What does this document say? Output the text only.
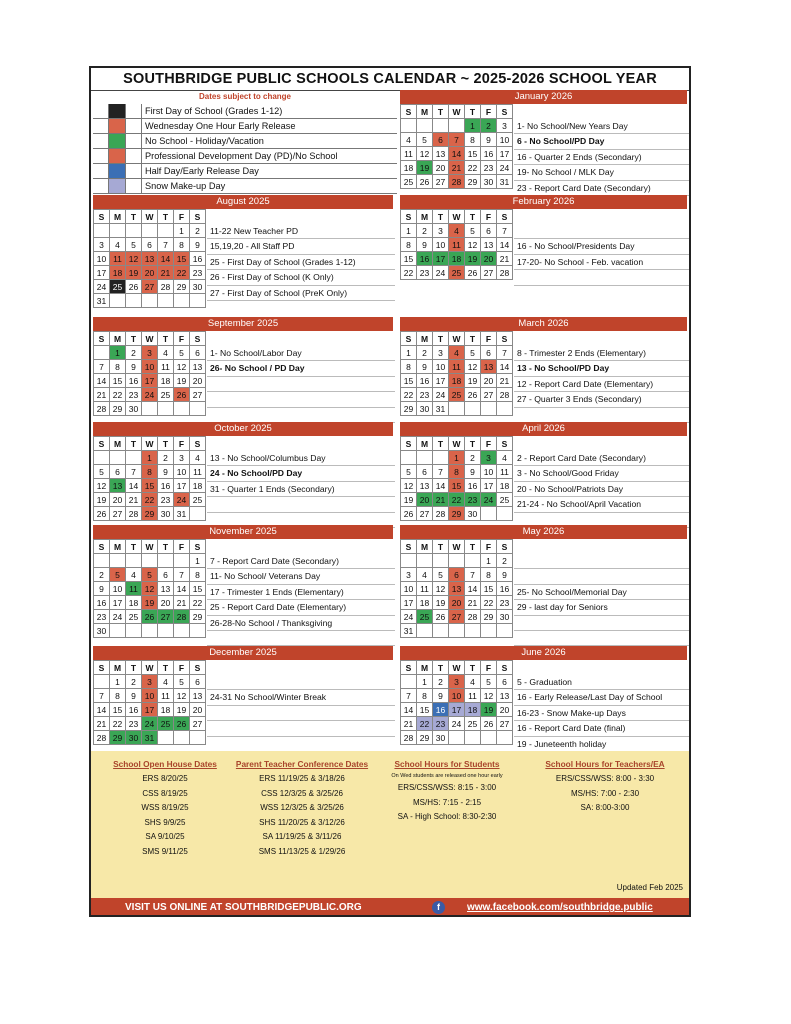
SOUTHBRIDGE PUBLIC SCHOOLS CALENDAR ~ 2025-2026 SCHOOL YEAR
Dates subject to change
First Day of School (Grades 1-12)
Wednesday One Hour Early Release
No School - Holiday/Vacation
Professional Development Day (PD)/No School
Half Day/Early Release Day
Snow Make-up Day
August 2025
S	M	T	W	T	F	S
					1	2
3	4	5	6	7	8	9
10	11	12	13	14	15	16
17	18	19	20	21	22	23
24	25	26	27	28	29	30
31						
11-22 New Teacher PD
15,19,20 - All Staff PD
25 - First Day of School (Grades 1-12)
26 - First Day of School (K Only)
27 - First Day of School (PreK Only)
January 2026
S	M	T	W	T	F	S
				1	2	3
4	5	6	7	8	9	10
11	12	13	14	15	16	17
18	19	20	21	22	23	24
25	26	27	28	29	30	31
1- No School/New Years Day
6 - No School/PD Day
16 - Quarter 2 Ends (Secondary)
19- No School / MLK Day
23 - Report Card Date (Secondary)
February 2026
S	M	T	W	T	F	S
1	2	3	4	5	6	7
8	9	10	11	12	13	14
15	16	17	18	19	20	21
22	23	24	25	26	27	28
16 - No School/Presidents Day
17-20- No School - Feb. vacation
September 2025
S	M	T	W	T	F	S
	1	2	3	4	5	6
7	8	9	10	11	12	13
14	15	16	17	18	19	20
21	22	23	24	25	26	27
28	29	30				
1- No School/Labor Day
26- No School / PD Day
March 2026
S	M	T	W	T	F	S
1	2	3	4	5	6	7
8	9	10	11	12	13	14
15	16	17	18	19	20	21
22	23	24	25	26	27	28
29	30	31				
8 - Trimester 2 Ends (Elementary)
13 - No School/PD Day
12 - Report Card Date (Elementary)
27 - Quarter 3 Ends (Secondary)
October 2025
S	M	T	W	T	F	S
			1	2	3	4
5	6	7	8	9	10	11
12	13	14	15	16	17	18
19	20	21	22	23	24	25
26	27	28	29	30	31	
13 - No School/Columbus Day
24 - No School/PD Day
31 - Quarter 1 Ends (Secondary)
April 2026
S	M	T	W	T	F	S
			1	2	3	4
5	6	7	8	9	10	11
12	13	14	15	16	17	18
19	20	21	22	23	24	25
26	27	28	29	30		
2 - Report Card Date (Secondary)
3 - No School/Good Friday
20 - No School/Patriots Day
21-24 - No School/April Vacation
November 2025
S	M	T	W	T	F	S
						1
2	5	4	5	6	7	8
9	10	11	12	13	14	15
16	17	18	19	20	21	22
23	24	25	26	27	28	29
30						
7 - Report Card Date (Secondary)
11- No School/ Veterans Day
17 - Trimester 1 Ends (Elementary)
25 - Report Card Date (Elementary)
26-28-No School / Thanksgiving
May 2026
S	M	T	W	T	F	S
					1	2
3	4	5	6	7	8	9
10	11	12	13	14	15	16
17	18	19	20	21	22	23
24	25	26	27	28	29	30
31						
25- No School/Memorial Day
29 - last day for Seniors
December 2025
S	M	T	W	T	F	S
	1	2	3	4	5	6
7	8	9	10	11	12	13
14	15	16	17	18	19	20
21	22	23	24	25	26	27
28	29	30	31			
24-31 No School/Winter Break
June 2026
S	M	T	W	T	F	S
	1	2	3	4	5	6
7	8	9	10	11	12	13
14	15	16	17	18	19	20
21	22	23	24	25	26	27
28	29	30				
5 - Graduation
16 - Early Release/Last Day of School
16-23 - Snow Make-up Days
16 - Report Card Date (final)
19 - Juneteenth holiday
School Open House Dates
ERS 8/20/25
CSS 8/19/25
WSS 8/19/25
SHS 9/9/25
SA 9/10/25
SMS 9/11/25
Parent Teacher Conference Dates
ERS 11/19/25 & 3/18/26
CSS 12/3/25 & 3/25/26
WSS 12/3/25 & 3/25/26
SHS 11/20/25 & 3/12/26
SA 11/19/25 & 3/11/26
SMS 11/13/25 & 1/29/26
School Hours for Students
On Wed students are released one hour early
ERS/CSS/WSS: 8:15 - 3:00
MS/HS: 7:15 - 2:15
SA - High School: 8:30-2:30
School Hours for Teachers/EA
ERS/CSS/WSS: 8:00 - 3:30
MS/HS: 7:00 - 2:30
SA: 8:00-3:00
Updated Feb 2025
VISIT US ONLINE AT SOUTHBRIDGEPUBLIC.ORG	f	www.facebook.com/southbridge.public
